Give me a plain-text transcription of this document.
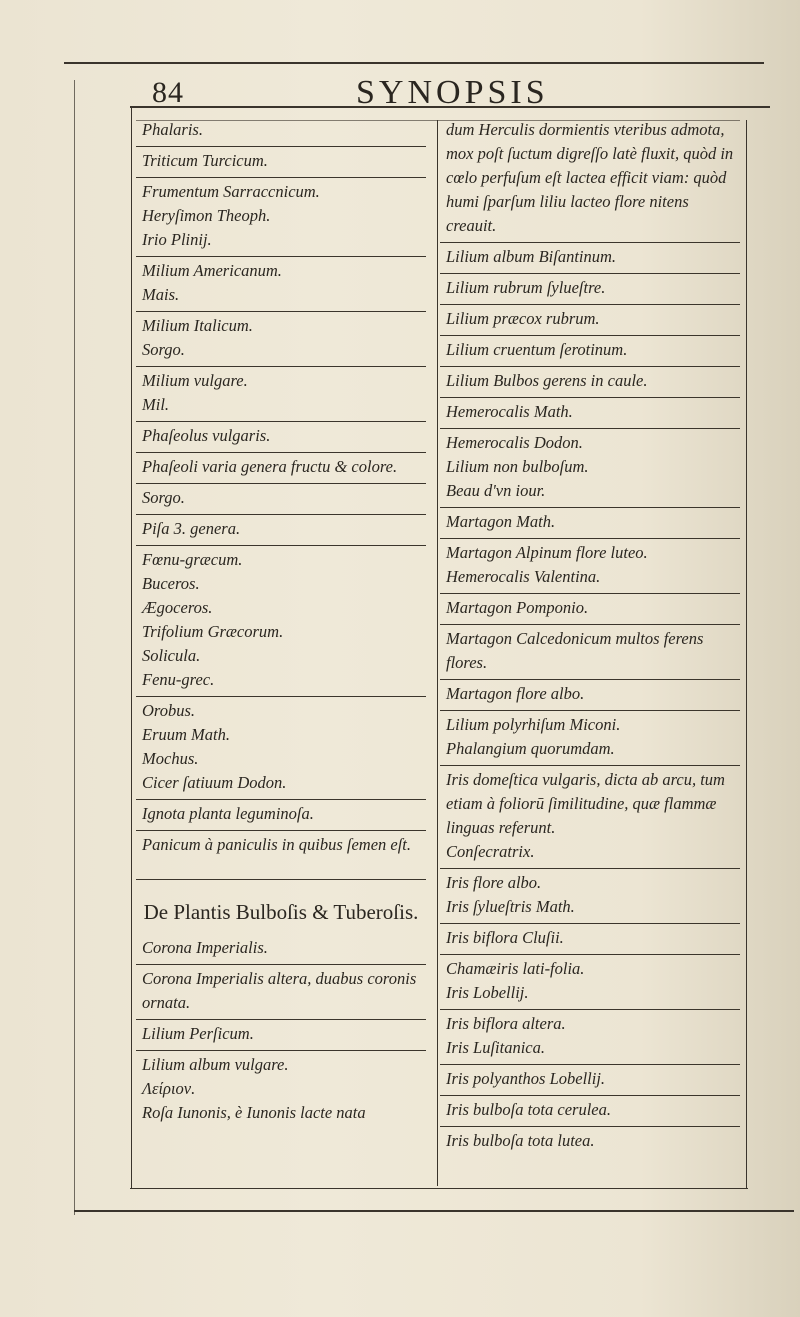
84	SYNOPSIS
Phalaris.
Triticum Turcicum.
Frumentum Sarraccnicum.
Heryſimon Theoph.
Irio Plinij.
Milium Americanum.
Mais.
Milium Italicum.
Sorgo.
Milium vulgare.
Mil.
Phaſeolus vulgaris.
Phaſeoli varia genera fructu & colore.
Sorgo.
Piſa 3. genera.
Fœnu-græcum.
Buceros.
Ægoceros.
Trifolium Græcorum.
Solicula.
Fenu-grec.
Orobus.
Eruum Math.
Mochus.
Cicer ſatiuum Dodon.
Ignota planta leguminoſa.
Panicum à paniculis in quibus ſemen eſt.
De Plantis Bulboſis & Tuberoſis.
Corona Imperialis.
Corona Imperialis altera, duabus coronis ornata.
Lilium Perſicum.
Lilium album vulgare.
Λείριον.
Roſa Iunonis, è Iunonis lacte nata
dum Herculis dormientis vteribus admota, mox poſt ſuctum digreſſo latè fluxit, quòd in cœlo perfuſum eſt lactea efficit viam: quòd humi ſparſum liliu lacteo flore nitens creauit.
Lilium album Biſantinum.
Lilium rubrum ſylueſtre.
Lilium præcox rubrum.
Lilium cruentum ſerotinum.
Lilium Bulbos gerens in caule.
Hemerocalis Math.
Hemerocalis Dodon.
Lilium non bulboſum.
Beau d'vn iour.
Martagon Math.
Martagon Alpinum flore luteo.
Hemerocalis Valentina.
Martagon Pomponio.
Martagon Calcedonicum multos ferens flores.
Martagon flore albo.
Lilium polyrhiſum Miconi.
Phalangium quorumdam.
Iris domeſtica vulgaris, dicta ab arcu, tum etiam à foliorū ſimilitudine, quæ flammæ linguas referunt.
Conſecratrix.
Iris flore albo.
Iris ſylueſtris Math.
Iris biflora Cluſii.
Chamæiris lati-folia.
Iris Lobellij.
Iris biflora altera.
Iris Luſitanica.
Iris polyanthos Lobellij.
Iris bulboſa tota cerulea.
Iris bulboſa tota lutea.
